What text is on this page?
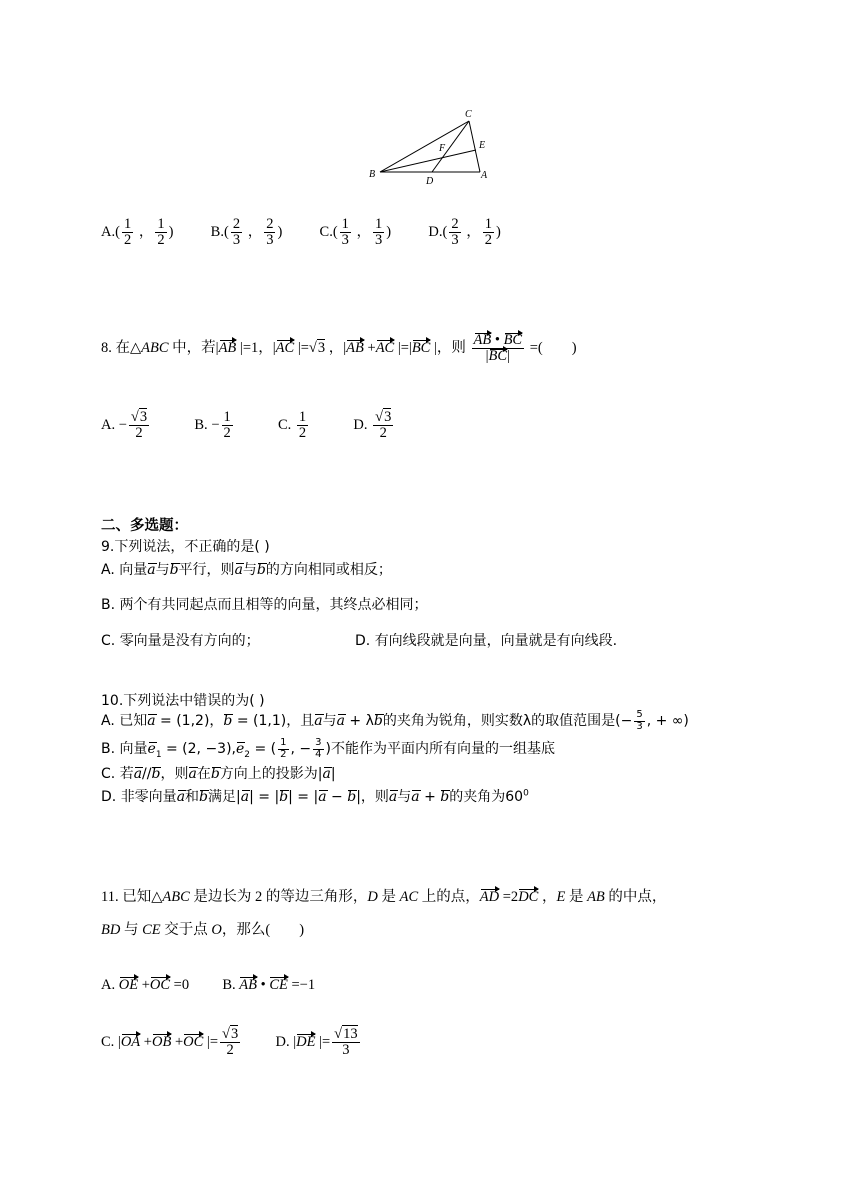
C
E
F
B
D
A
$A.( \frac{1}{2}$ ， $\frac{1}{2}$ )	$B.( \frac{2}{3}$ ， $\frac{2}{3}$ )	$C.( \frac{1}{3}$ ， $\frac{1}{3}$ )	$D.( \frac{2}{3}$ ， $\frac{1}{2}$ )
8. 在△ABC 中，若|AB |=1，|AC |=√3 ，|AB +AC |=|BC |，则 $\frac{AB • BC}{|BC|}$ =(　　)
A. − $\frac{√3}{2}$	B. − $\frac{1}{2}$	C. $\frac{1}{2}$	D. $\frac{√3}{2}$
二、多选题：
9.下列说法，不正确的是( )
A. 向量a与b平行，则a与b的方向相同或相反；
B. 两个有共同起点而且相等的向量，其终点必相同；
C. 零向量是没有方向的；	D. 有向线段就是向量，向量就是有向线段.
10.下列说法中错误的为( )
A. 已知a = (1,2)，b = (1,1)，且a与a + λb的夹角为锐角，则实数λ的取值范围是(− $\frac{5}{3}$ , + ∞)
B. 向量$e_1 = (2$, $-3),e_2$ = ( $\frac{1}{2}$ , − $\frac{3}{4}$ )不能作为平面内所有向量的一组基底
C. 若a//b，则a在b方向上的投影为|a|
D. 非零向量a和b满足|a| = |b| = |a − b|，则a与a + b的夹角为$60^0$
11. 已知△ABC 是边长为 2 的等边三角形，D 是 AC 上的点，AD =2DC ，E 是 AB 的中点，
BD 与 CE 交于点 O，那么(　　)
A. OE +OC =0 B. AB • CE =−1
C. |OA +OB +OC |= $\frac{√3}{2} D$. |DE |= $\frac{√13}{3}$
